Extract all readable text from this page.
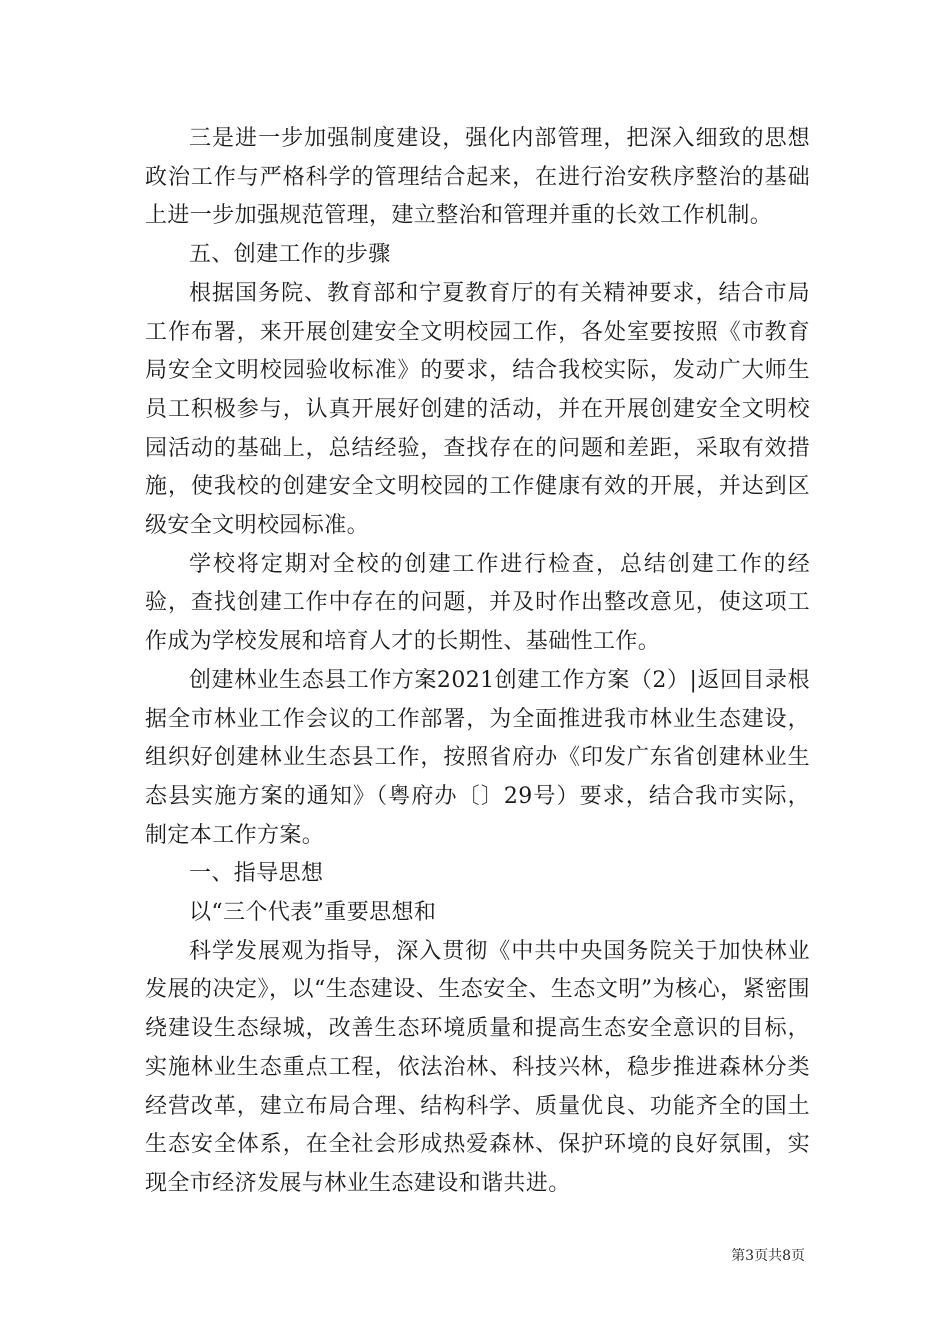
三是进一步加强制度建设，强化内部管理，把深入细致的思想政治工作与严格科学的管理结合起来，在进行治安秩序整治的基础上进一步加强规范管理，建立整治和管理并重的长效工作机制。

五、创建工作的步骤

根据国务院、教育部和宁夏教育厅的有关精神要求，结合市局工作布署，来开展创建安全文明校园工作，各处室要按照《市教育局安全文明校园验收标准》的要求，结合我校实际，发动广大师生员工积极参与，认真开展好创建的活动，并在开展创建安全文明校园活动的基础上，总结经验，查找存在的问题和差距，采取有效措施，使我校的创建安全文明校园的工作健康有效的开展，并达到区级安全文明校园标准。

学校将定期对全校的创建工作进行检查，总结创建工作的经验，查找创建工作中存在的问题，并及时作出整改意见，使这项工作成为学校发展和培育人才的长期性、基础性工作。

创建林业生态县工作方案2021创建工作方案（2）|返回目录根据全市林业工作会议的工作部署，为全面推进我市林业生态建设，组织好创建林业生态县工作，按照省府办《印发广东省创建林业生态县实施方案的通知》（粤府办〔〕29号）要求，结合我市实际，制定本工作方案。

一、指导思想

以“三个代表”重要思想和

科学发展观为指导，深入贯彻《中共中央国务院关于加快林业发展的决定》，以“生态建设、生态安全、生态文明”为核心，紧密围绕建设生态绿城，改善生态环境质量和提高生态安全意识的目标，实施林业生态重点工程，依法治林、科技兴林，稳步推进森林分类经营改革，建立布局合理、结构科学、质量优良、功能齐全的国土生态安全体系，在全社会形成热爱森林、保护环境的良好氛围，实现全市经济发展与林业生态建设和谐共进。

第3页共8页
